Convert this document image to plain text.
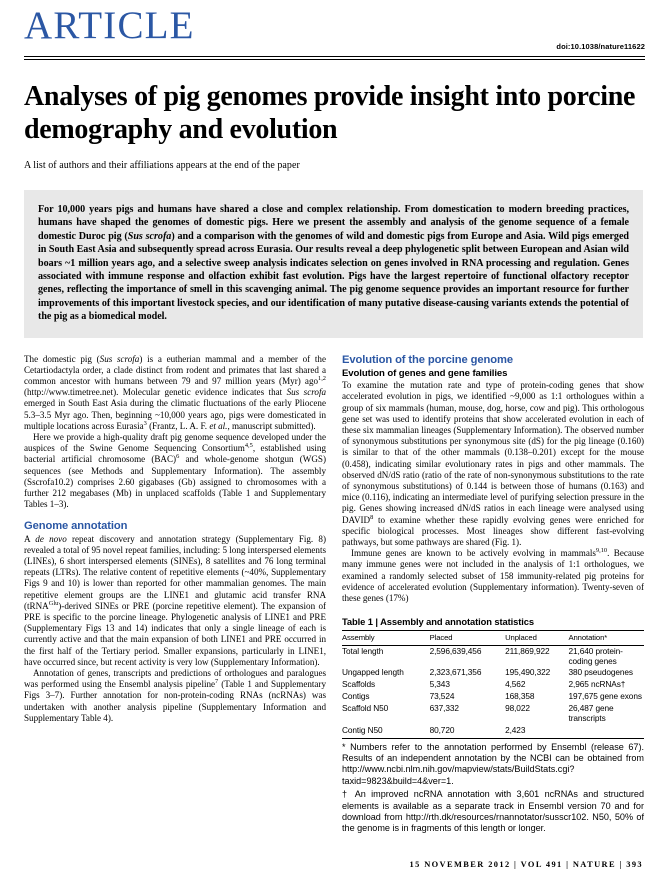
ARTICLE	doi:10.1038/nature11622
Analyses of pig genomes provide insight into porcine demography and evolution
A list of authors and their affiliations appears at the end of the paper

For 10,000 years pigs and humans have shared a close and complex relationship. From domestication to modern breeding practices, humans have shaped the genomes of domestic pigs. Here we present the assembly and analysis of the genome sequence of a female domestic Duroc pig (Sus scrofa) and a comparison with the genomes of wild and domestic pigs from Europe and Asia. Wild pigs emerged in South East Asia and subsequently spread across Eurasia. Our results reveal a deep phylogenetic split between European and Asian wild boars ~1 million years ago, and a selective sweep analysis indicates selection on genes involved in RNA processing and regulation. Genes associated with immune response and olfaction exhibit fast evolution. Pigs have the largest repertoire of functional olfactory receptor genes, reflecting the importance of smell in this scavenging animal. The pig genome sequence provides an important resource for further improvements of this important livestock species, and our identification of many putative disease-causing variants extends the potential of the pig as a biomedical model.

The domestic pig (Sus scrofa) is a eutherian mammal and a member of the Cetartiodactyla order, a clade distinct from rodent and primates that last shared a common ancestor with humans between 79 and 97 million years (Myr) ago$^{1,2}$ (http://www.timetree.net). Molecular genetic evidence indicates that Sus scrofa emerged in South East Asia during the climatic fluctuations of the early Pliocene 5.3–3.5 Myr ago. Then, beginning ~10,000 years ago, pigs were domesticated in multiple locations across Eurasia$^3$ (Frantz, L. A. F. et al., manuscript submitted).

Here we provide a high-quality draft pig genome sequence developed under the auspices of the Swine Genome Sequencing Consortium$^{4,5}$, established using bacterial artificial chromosome (BAC)$^6$ and whole-genome shotgun (WGS) sequences (see Methods and Supplementary Information). The assembly (Sscrofa10.2) comprises 2.60 gigabases (Gb) assigned to chromosomes with a further 212 megabases (Mb) in unplaced scaffolds (Table 1 and Supplementary Tables 1–3).

Genome annotation

A de novo repeat discovery and annotation strategy (Supplementary Fig. 8) revealed a total of 95 novel repeat families, including: 5 long interspersed elements (LINEs), 6 short interspersed elements (SINEs), 8 satellites and 76 long terminal repeats (LTRs). The relative content of repetitive elements (~40%, Supplementary Figs 9 and 10) is lower than reported for other mammalian genomes. The main repetitive element groups are the LINE1 and glutamic acid transfer RNA (tRNA$^{Glu}$)-derived SINEs or PRE (porcine repetitive element). The expansion of PRE is specific to the porcine lineage. Phylogenetic analysis of LINE1 and PRE (Supplementary Figs 13 and 14) indicates that only a single lineage of each is currently active and that the main expansion of both LINE1 and PRE occurred in the first half of the Tertiary period. Smaller expansions, particularly in LINE1, have occurred since, but recent activity is very low (Supplementary Information).

Annotation of genes, transcripts and predictions of orthologues and paralogues was performed using the Ensembl analysis pipeline$^7$ (Table 1 and Supplementary Figs 3–7). Further annotation for non-protein-coding RNAs (ncRNAs) was undertaken with another analysis pipeline (Supplementary Information and Supplementary Table 4).

Evolution of the porcine genome
Evolution of genes and gene families

To examine the mutation rate and type of protein-coding genes that show accelerated evolution in pigs, we identified ~9,000 as 1:1 orthologues within a group of six mammals (human, mouse, dog, horse, cow and pig). This orthologous gene set was used to identify proteins that show accelerated evolution in each of these six mammalian lineages (Supplementary Information). The observed number of synonymous substitutions per synonymous site (dS) for the pig lineage (0.160) is similar to that of the other mammals (0.138–0.201) except for the mouse (0.458), indicating similar evolutionary rates in pigs and other mammals. The observed dN/dS ratio (ratio of the rate of non-synonymous substitutions to the rate of synonymous substitutions) of 0.144 is between those of humans (0.163) and mice (0.116), indicating an intermediate level of purifying selection pressure in the pig. Genes showing increased dN/dS ratios in each lineage were analysed using DAVID$^8$ to examine whether these rapidly evolving genes were enriched for specific biological processes. Most lineages show different fast-evolving pathways, but some pathways are shared (Fig. 1).

Immune genes are known to be actively evolving in mammals$^{9,10}$. Because many immune genes were not included in the analysis of 1:1 orthologues, we examined a randomly selected subset of 158 immunity-related pig proteins for evidence of accelerated evolution (Supplementary information). Twenty-seven of these genes (17%)

Table 1 | Assembly and annotation statistics
Assembly	Placed	Unplaced	Annotation*
Total length	2,596,639,456	211,869,922	21,640 protein-coding genes
Ungapped length	2,323,671,356	195,490,322	380 pseudogenes
Scaffolds	5,343	4,562	2,965 ncRNAs†
Contigs	73,524	168,358	197,675 gene exons
Scaffold N50	637,332	98,022	26,487 gene transcripts
Contig N50	80,720	2,423	

* Numbers refer to the annotation performed by Ensembl (release 67). Results of an independent annotation by the NCBI can be obtained from http://www.ncbi.nlm.nih.gov/mapview/stats/BuildStats.cgi?taxid=9823&build=4&ver=1.

† An improved ncRNA annotation with 3,601 ncRNAs and structured elements is available as a separate track in Ensembl version 70 and for download from http://rth.dk/resources/rnannotator/susscr102. N50, 50% of the genome is in fragments of this length or longer.

15 NOVEMBER 2012 | VOL 491 | NATURE | 393
